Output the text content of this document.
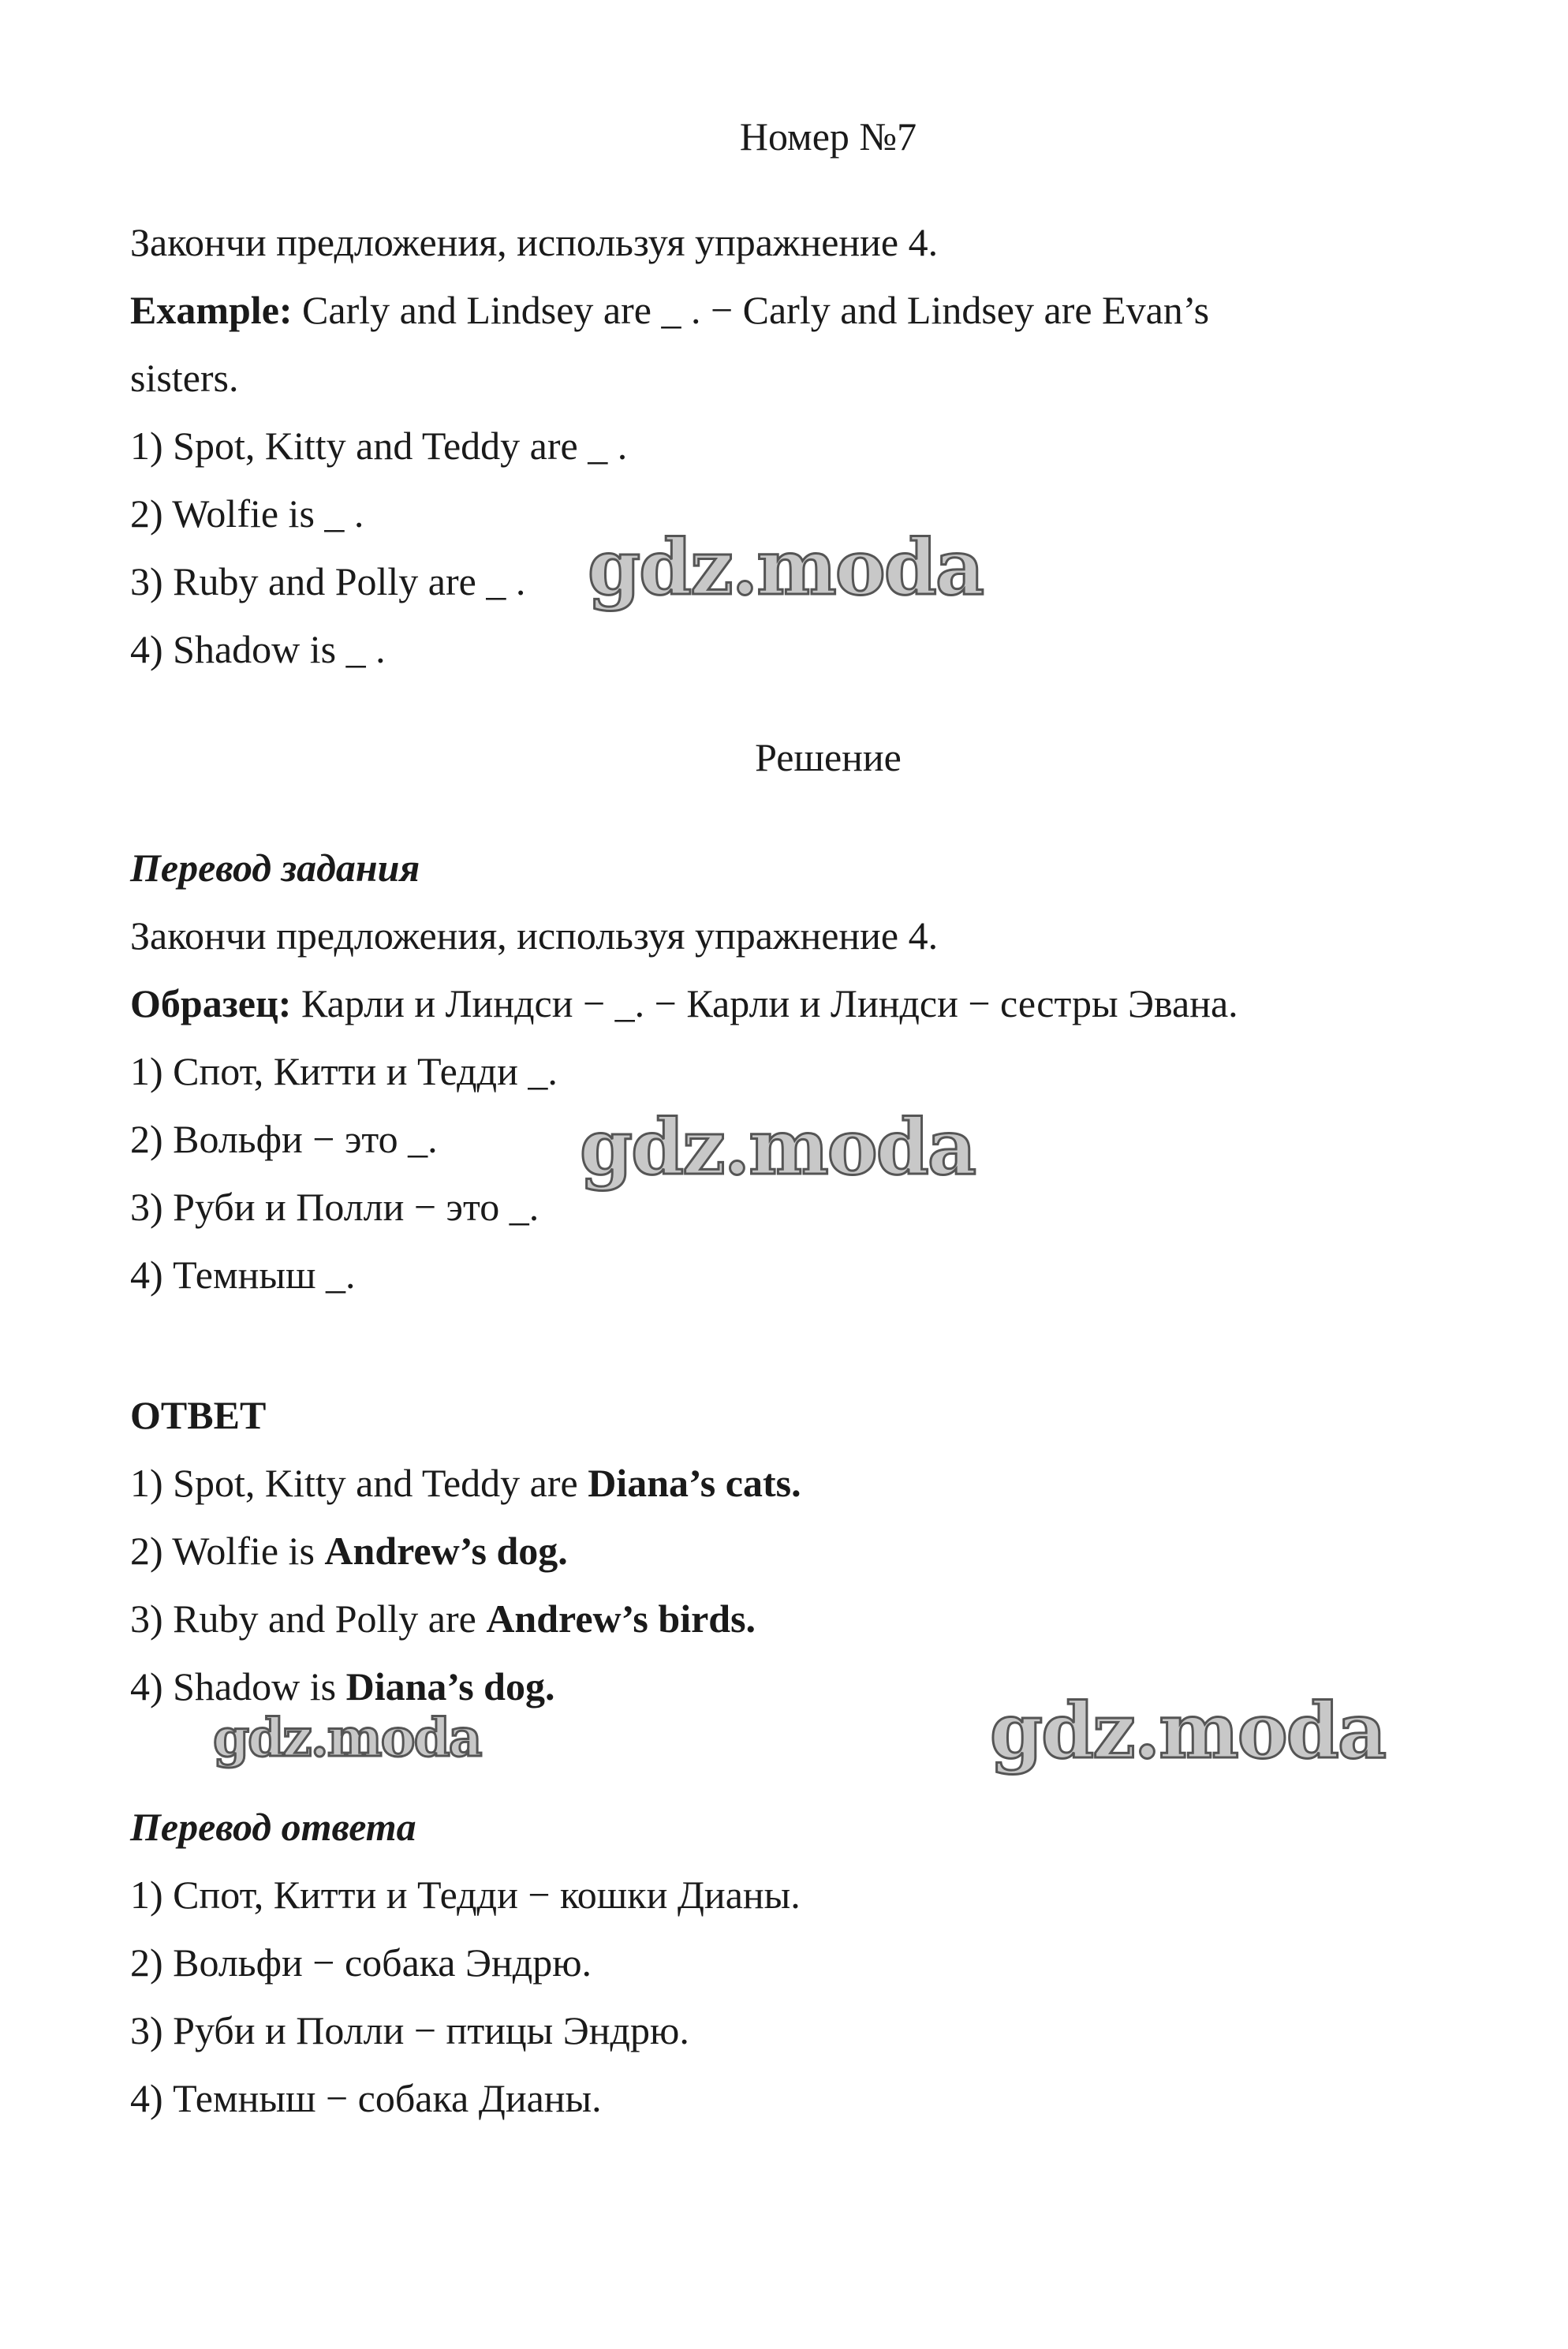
Номер №7
Закончи предложения, используя упражнение 4.
Example: Carly and Lindsey are _ . − Carly and Lindsey are Evan’s
sisters.
1) Spot, Kitty and Teddy are _ .
2) Wolfie is _ .
3) Ruby and Polly are _ .
4) Shadow is _ .
Решение
Перевод задания
Закончи предложения, используя упражнение 4.
Образец: Карли и Линдси − _. − Карли и Линдси − сестры Эвана.
1) Спот, Китти и Тедди _.
2) Вольфи − это _.
3) Руби и Полли − это _.
4) Темныш _.
ОТВЕТ
1) Spot, Kitty and Teddy are Diana’s cats.
2) Wolfie is Andrew’s dog.
3) Ruby and Polly are Andrew’s birds.
4) Shadow is Diana’s dog.
Перевод ответа
1) Спот, Китти и Тедди − кошки Дианы.
2) Вольфи − собака Эндрю.
3) Руби и Полли − птицы Эндрю.
4) Темныш − собака Дианы.
gdz.moda
gdz.moda
gdz.moda	gdz.moda
